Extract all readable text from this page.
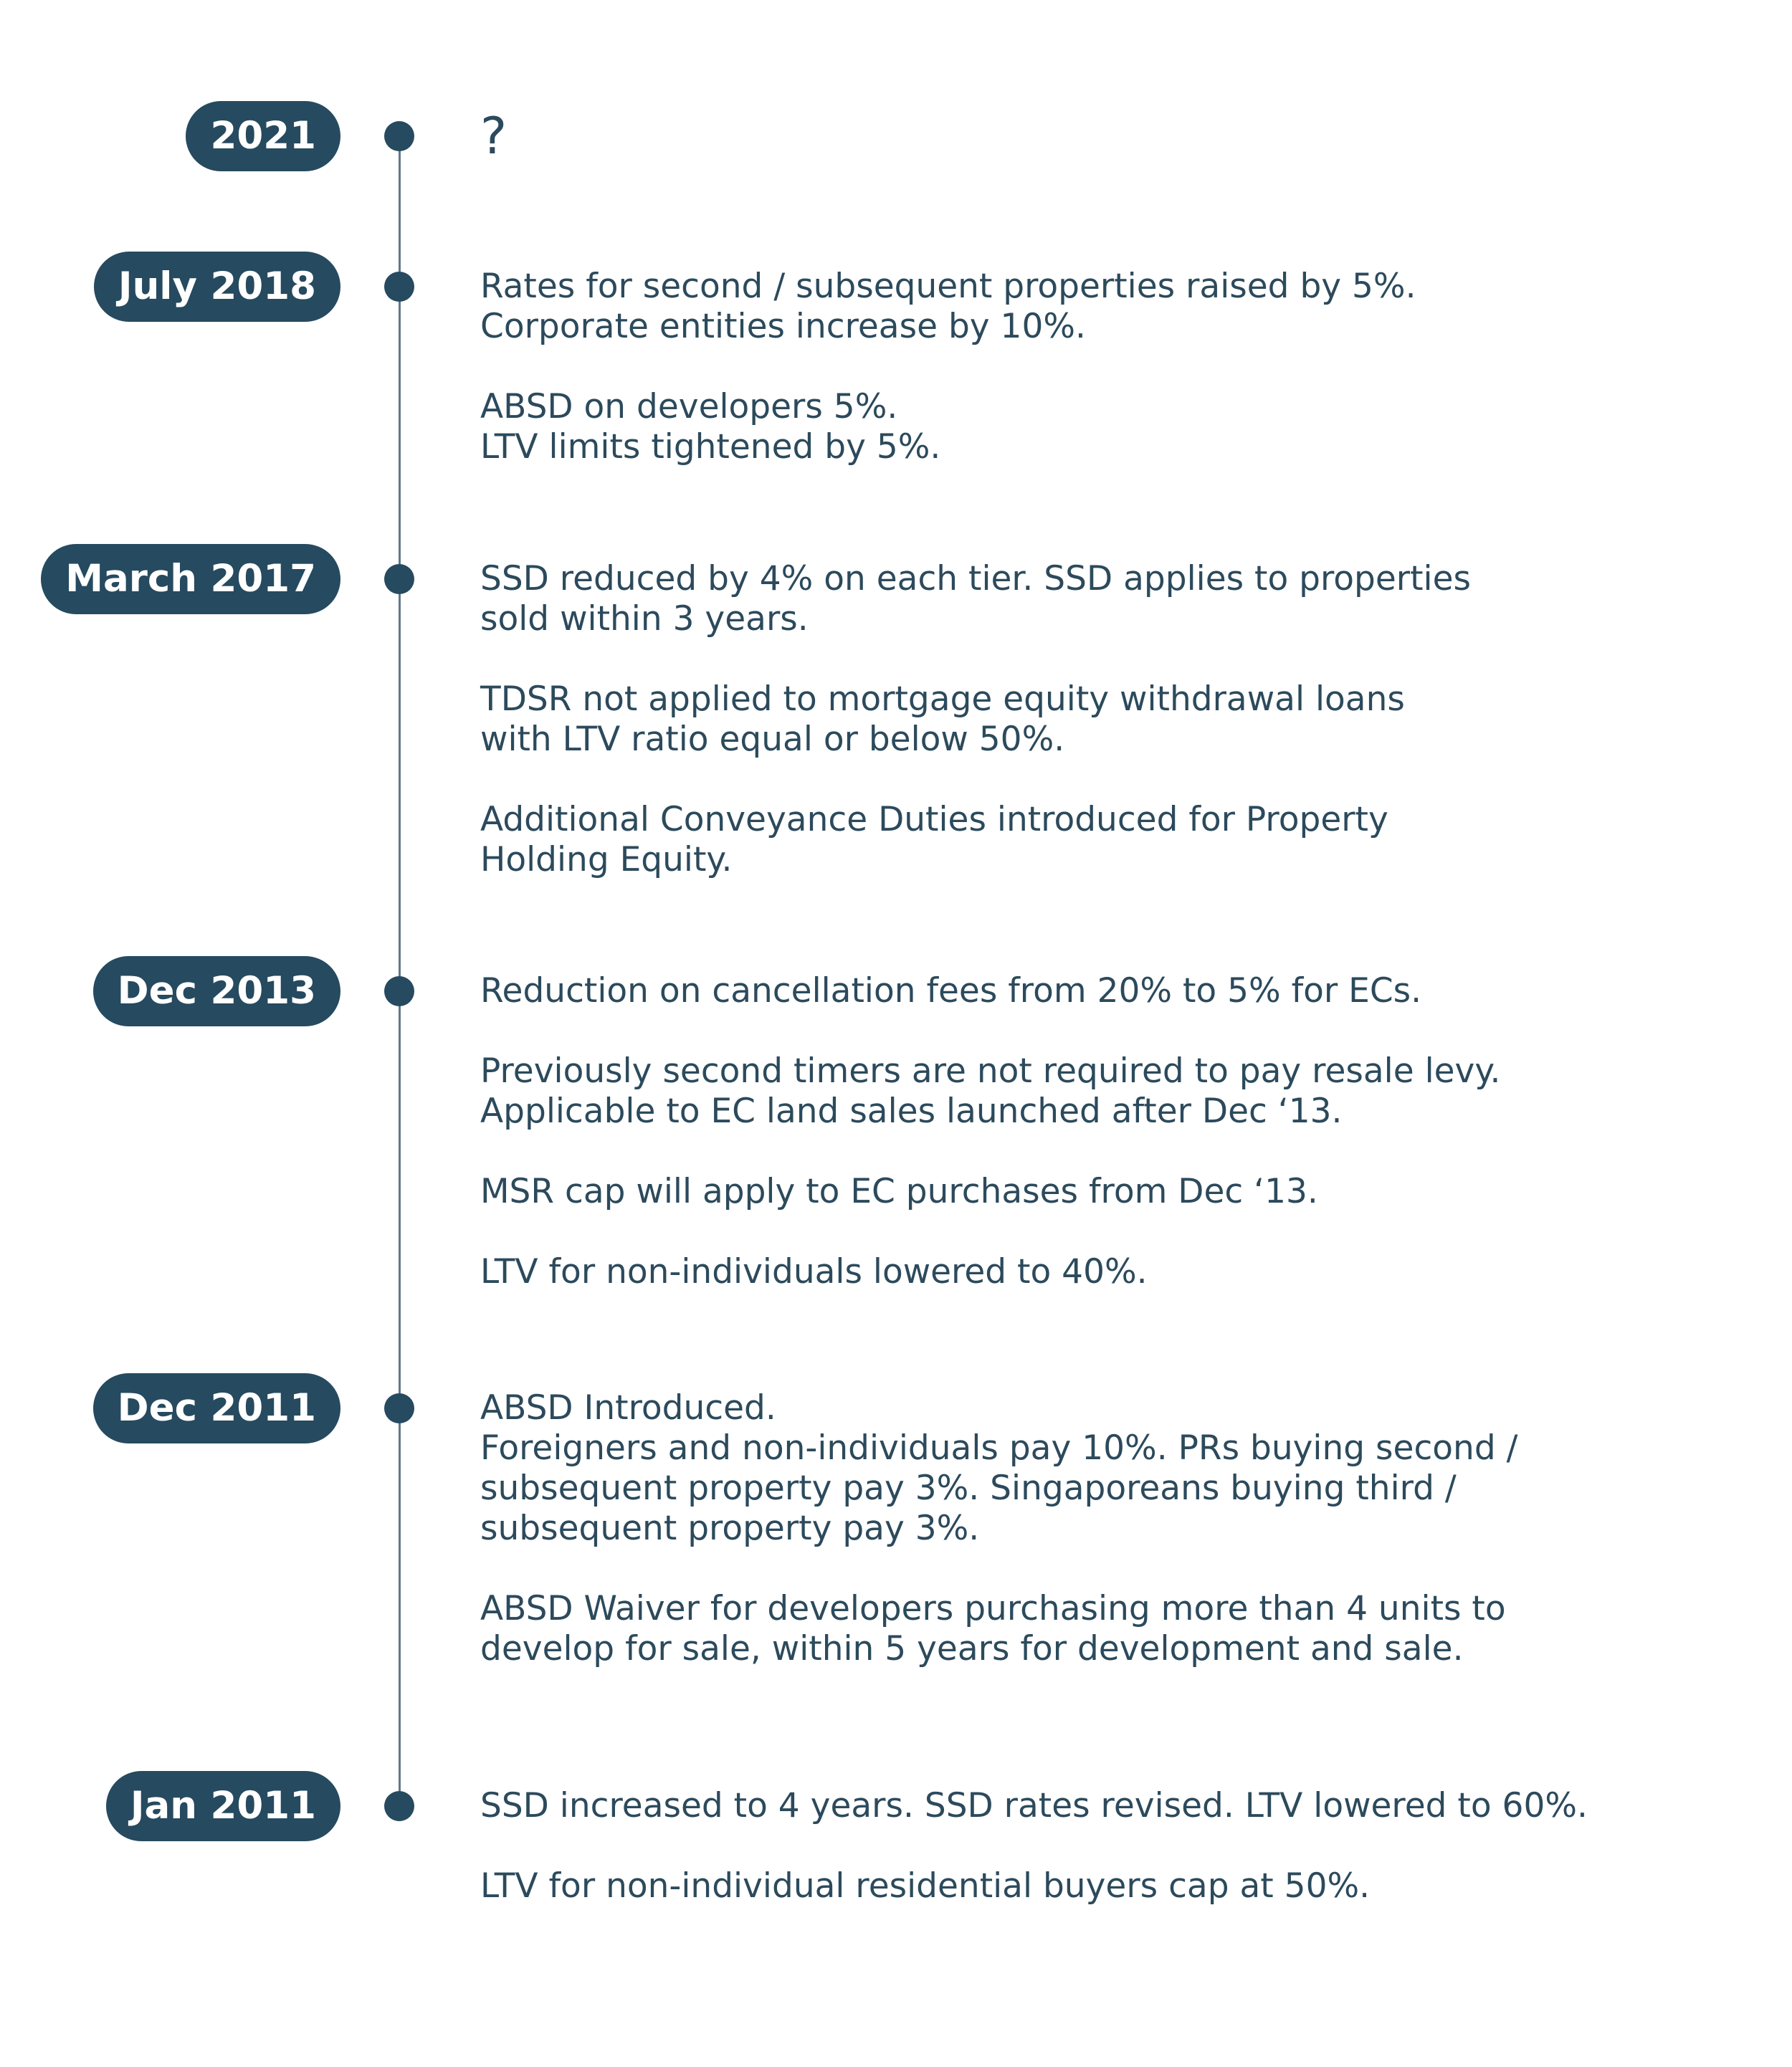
2021	?
July 2018	Rates for second / subsequent properties raised by 5%.
Corporate entities increase by 10%.
ABSD on developers 5%.
LTV limits tightened by 5%.
March 2017	SSD reduced by 4% on each tier. SSD applies to properties
sold within 3 years.
TDSR not applied to mortgage equity withdrawal loans
with LTV ratio equal or below 50%.
Additional Conveyance Duties introduced for Property
Holding Equity.
Dec 2013	Reduction on cancellation fees from 20% to 5% for ECs.
Previously second timers are not required to pay resale levy.
Applicable to EC land sales launched after Dec ‘13.
MSR cap will apply to EC purchases from Dec ‘13.
LTV for non-individuals lowered to 40%.
Dec 2011	ABSD Introduced.
Foreigners and non-individuals pay 10%. PRs buying second /
subsequent property pay 3%. Singaporeans buying third /
subsequent property pay 3%.
ABSD Waiver for developers purchasing more than 4 units to
develop for sale, within 5 years for development and sale.
Jan 2011	SSD increased to 4 years. SSD rates revised. LTV lowered to 60%.
LTV for non-individual residential buyers cap at 50%.
